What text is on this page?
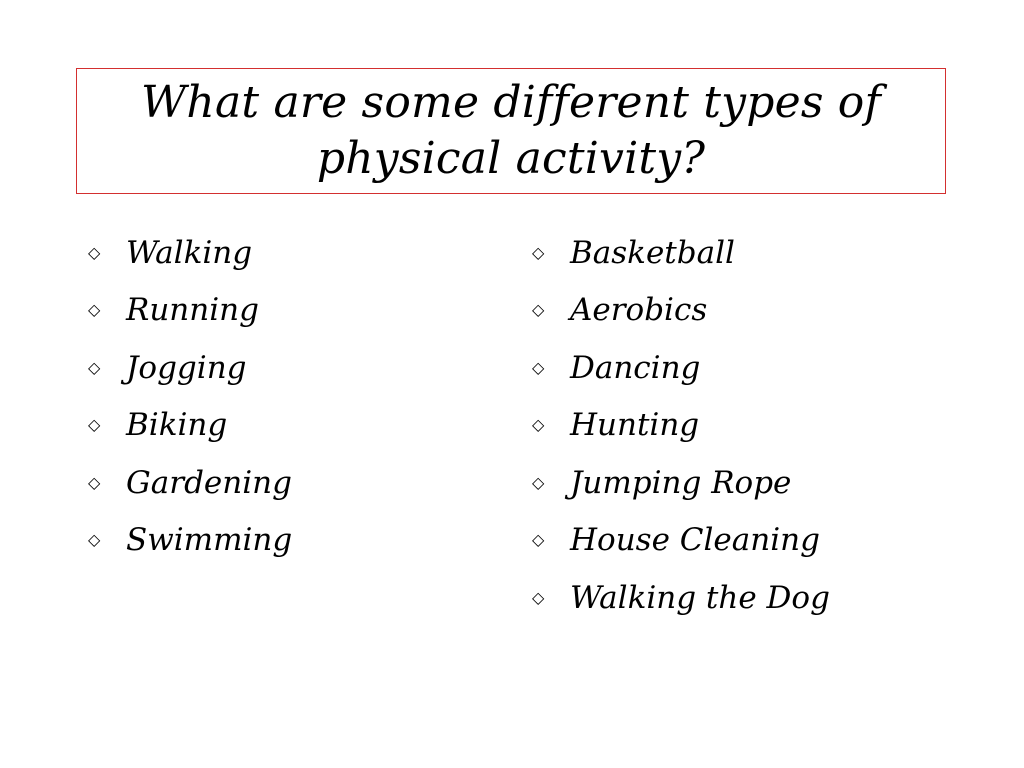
What are some different types of physical activity?
◇ Walking
◇ Running
◇ Jogging
◇ Biking
◇ Gardening
◇ Swimming
◇ Basketball
◇ Aerobics
◇ Dancing
◇ Hunting
◇ Jumping Rope
◇ House Cleaning
◇ Walking the Dog
